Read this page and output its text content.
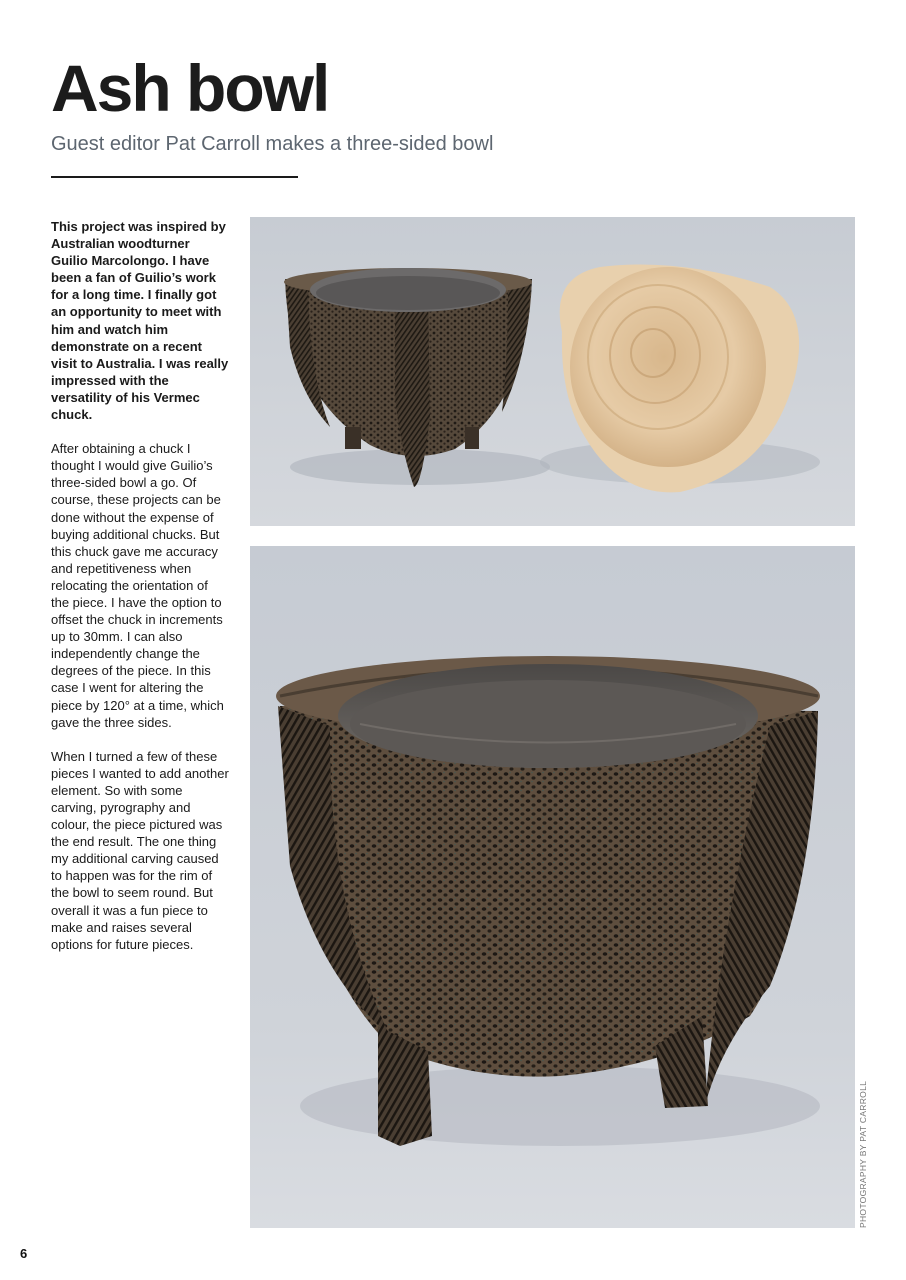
Ash bowl
Guest editor Pat Carroll makes a three-sided bowl

This project was inspired by Australian woodturner Guilio Marcolongo. I have been a fan of Guilio’s work for a long time. I finally got an opportunity to meet with him and watch him demonstrate on a recent visit to Australia. I was really impressed with the versatility of his Vermec chuck.

After obtaining a chuck I thought I would give Guilio’s three-sided bowl a go. Of course, these projects can be done without the expense of buying additional chucks. But this chuck gave me accuracy and repetitiveness when relocating the orientation of the piece. I have the option to offset the chuck in increments up to 30mm. I can also independently change the degrees of the piece. In this case I went for altering the piece by 120° at a time, which gave the three sides.

When I turned a few of these pieces I wanted to add another element. So with some carving, pyrography and colour, the piece pictured was the end result. The one thing my additional carving caused to happen was for the rim of the bowl to seem round. But overall it was a fun piece to make and raises several options for future pieces.

PHOTOGRAPHY BY PAT CARROLL
6
